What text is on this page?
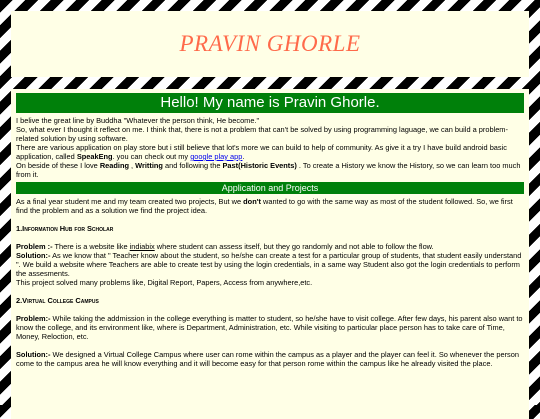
PRAVIN GHORLE
Hello! My name is Pravin Ghorle.

I belive the great line by Buddha "Whatever the person think, He become."

So, what ever I thought it reflect on me. I think that, there is not a problem that can't be solved by using programming laguage, we can build a problem-related solution by using software.

There are various application on play store but i still believe that lot's more we can build to help of community. As give it a try I have build android basic application, called SpeakEng. you can check out my google play app.

On beside of these I love Reading , Writting and following the Past(Historic Events) . To create a History we know the History, so we can learn too much from it.

Application and Projects

As a final year student me and my team created two projects, But we don't wanted to go with the same way as most of the student followed. So, we first find the problem and as a solution we find the project idea.

1.Information Hub for Scholar

Problem :- There is a website like indiabix where student can assess itself, but they go randomly and not able to follow the flow.

Solution:- As we know that " Teacher know about the student, so he/she can create a test for a particular group of students, that student easily understand ". We build a website where Teachers are able to create test by using the login credentials, in a same way Student also got the login credentials to perform the assesments.

This project solved many problems like, Digital Report, Papers, Access from anywhere,etc.

2.Virtual College Campus

Problem:- While taking the addmission in the college everything is matter to student, so he/she have to visit college. After few days, his parent also want to know the college, and its environment like, where is Department, Administration, etc. While visiting to particular place person has to take care of Time, Money, Reloction, etc.

Solution:- We designed a Virtual College Campus where user can rome within the campus as a player and the player can feel it. So whenever the person come to the campus area he will know everything and it will become easy for that person rome within the campus like he already visited the place.
